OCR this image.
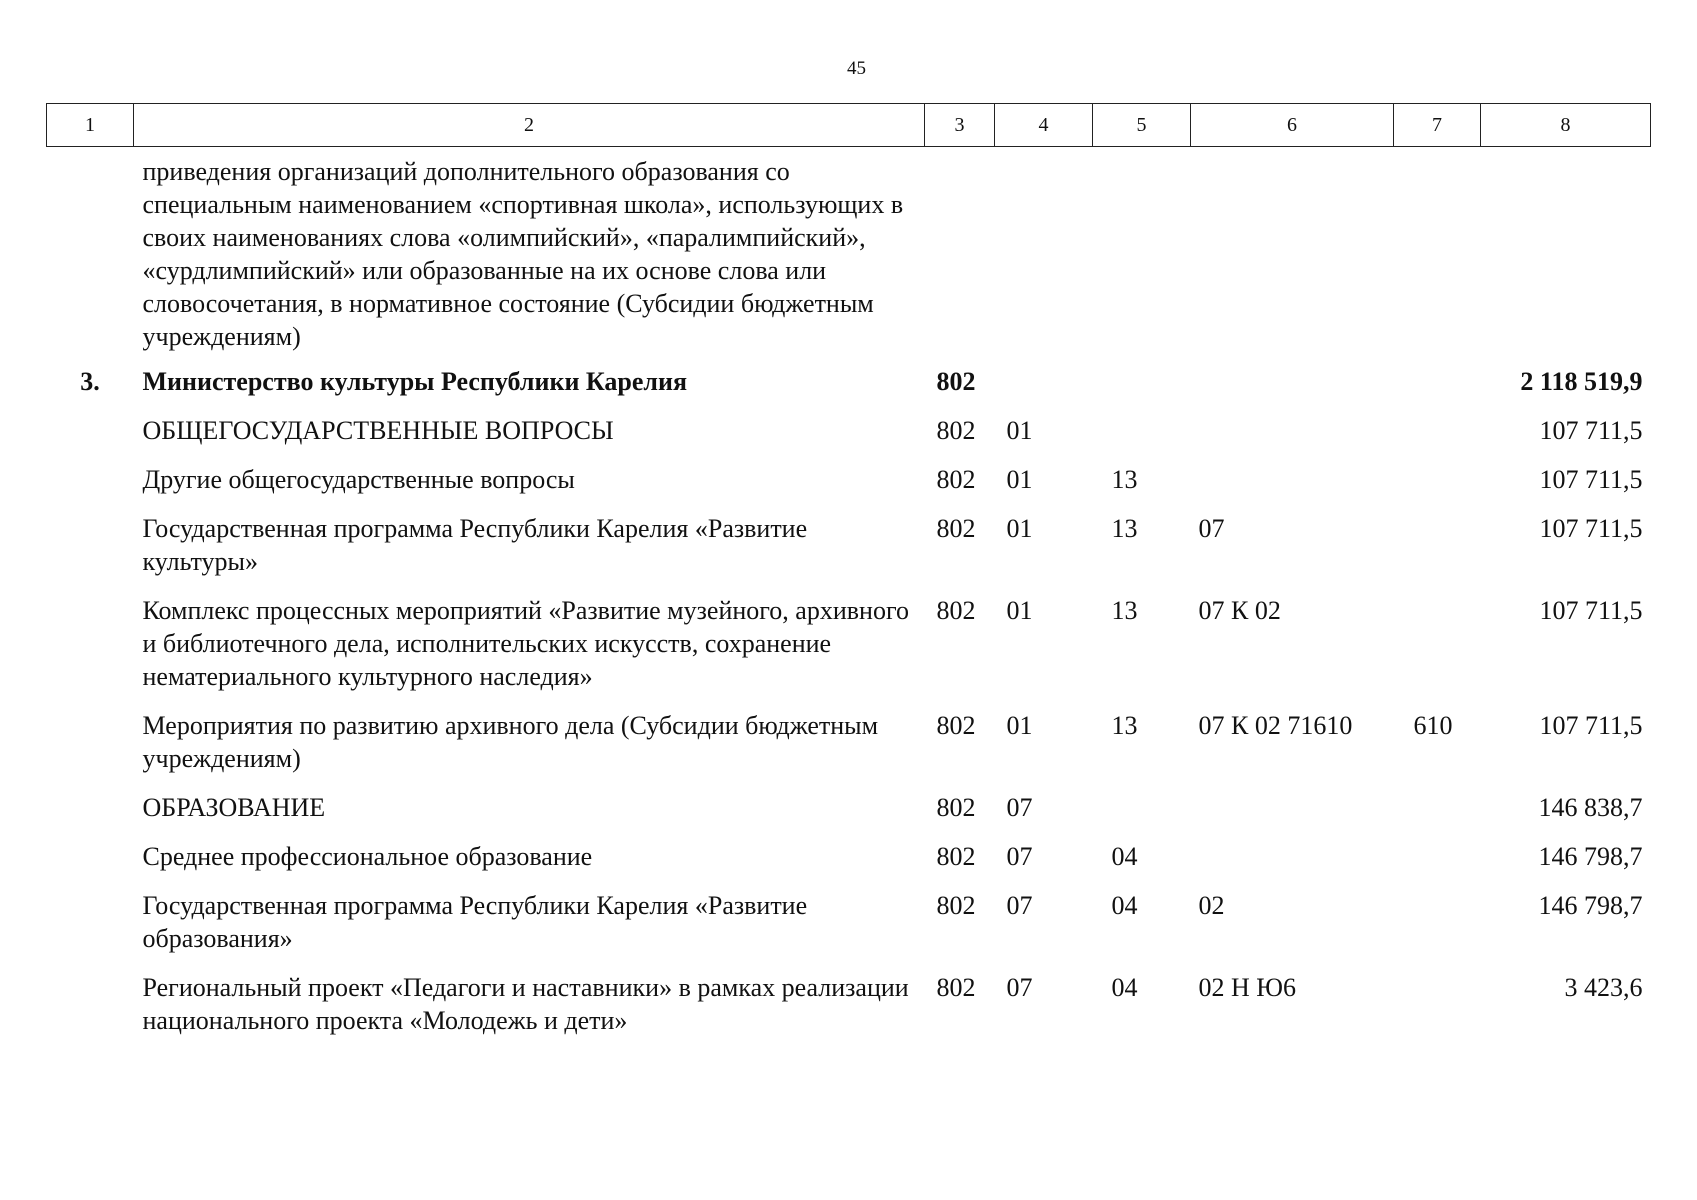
45
1	2	3	4	5	6	7	8
	приведения организаций дополнительного образования со специальным наименованием «спортивная школа», использующих в своих наименованиях слова «олимпийский», «паралимпийский», «сурдлимпийский» или образованные на их основе слова или словосочетания, в нормативное состояние (Субсидии бюджетным учреждениям)						
3.	Министерство культуры Республики Карелия	802					2 118 519,9
	ОБЩЕГОСУДАРСТВЕННЫЕ ВОПРОСЫ	802	01				107 711,5
	Другие общегосударственные вопросы	802	01	13			107 711,5
	Государственная программа Республики Карелия «Развитие культуры»	802	01	13	07		107 711,5
	Комплекс процессных мероприятий «Развитие музейного, архивного и библиотечного дела, исполнительских искусств, сохранение нематериального культурного наследия»	802	01	13	07 К 02		107 711,5
	Мероприятия по развитию архивного дела (Субсидии бюджетным учреждениям)	802	01	13	07 К 02 71610	610	107 711,5
	ОБРАЗОВАНИЕ	802	07				146 838,7
	Среднее профессиональное образование	802	07	04			146 798,7
	Государственная программа Республики Карелия «Развитие образования»	802	07	04	02		146 798,7
	Региональный проект «Педагоги и наставники» в рамках реализации национального проекта «Молодежь и дети»	802	07	04	02 Н Ю6		3 423,6
